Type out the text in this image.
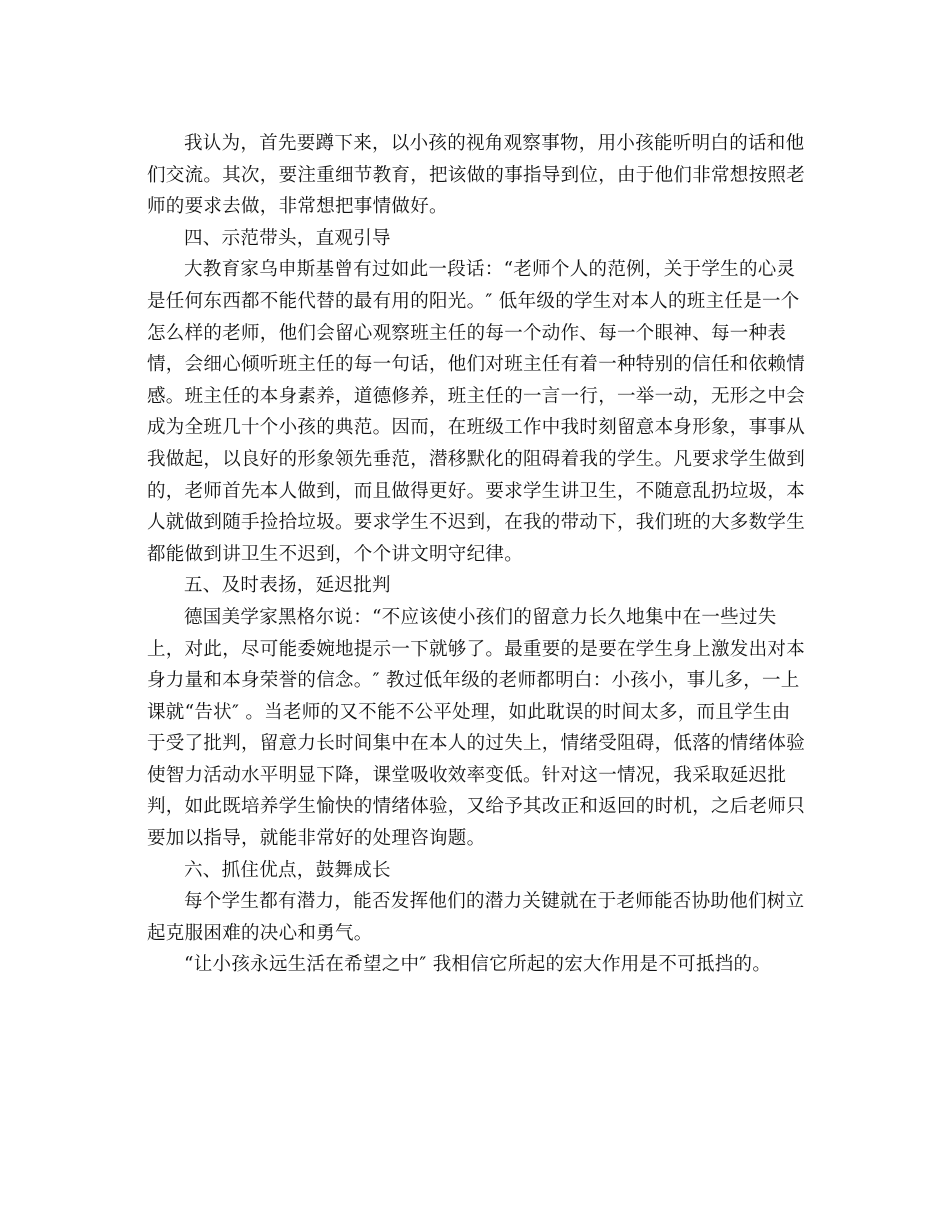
我认为，首先要蹲下来，以小孩的视角观察事物，用小孩能听明白的话和他
们交流。其次，要注重细节教育，把该做的事指导到位，由于他们非常想按照老
师的要求去做，非常想把事情做好。
四、示范带头，直观引导
大教育家乌申斯基曾有过如此一段话：“老师个人的范例，关于学生的心灵
是任何东西都不能代替的最有用的阳光。″ 低年级的学生对本人的班主任是一个
怎么样的老师，他们会留心观察班主任的每一个动作、每一个眼神、每一种表
情，会细心倾听班主任的每一句话，他们对班主任有着一种特别的信任和依赖情
感。班主任的本身素养，道德修养，班主任的一言一行，一举一动，无形之中会
成为全班几十个小孩的典范。因而，在班级工作中我时刻留意本身形象，事事从
我做起，以良好的形象领先垂范，潜移默化的阻碍着我的学生。凡要求学生做到
的，老师首先本人做到，而且做得更好。要求学生讲卫生，不随意乱扔垃圾，本
人就做到随手捡拾垃圾。要求学生不迟到，在我的带动下，我们班的大多数学生
都能做到讲卫生不迟到，个个讲文明守纪律。
五、及时表扬，延迟批判
德国美学家黑格尔说：“不应该使小孩们的留意力长久地集中在一些过失
上，对此，尽可能委婉地提示一下就够了。最重要的是要在学生身上激发出对本
身力量和本身荣誉的信念。″ 教过低年级的老师都明白：小孩小，事儿多，一上
课就“告状″ 。当老师的又不能不公平处理，如此耽误的时间太多，而且学生由
于受了批判，留意力长时间集中在本人的过失上，情绪受阻碍，低落的情绪体验
使智力活动水平明显下降，课堂吸收效率变低。针对这一情况，我采取延迟批
判，如此既培养学生愉快的情绪体验，又给予其改正和返回的时机，之后老师只
要加以指导，就能非常好的处理咨询题。
六、抓住优点，鼓舞成长
每个学生都有潜力，能否发挥他们的潜力关键就在于老师能否协助他们树立
起克服困难的决心和勇气。
“让小孩永远生活在希望之中″ 我相信它所起的宏大作用是不可抵挡的。
